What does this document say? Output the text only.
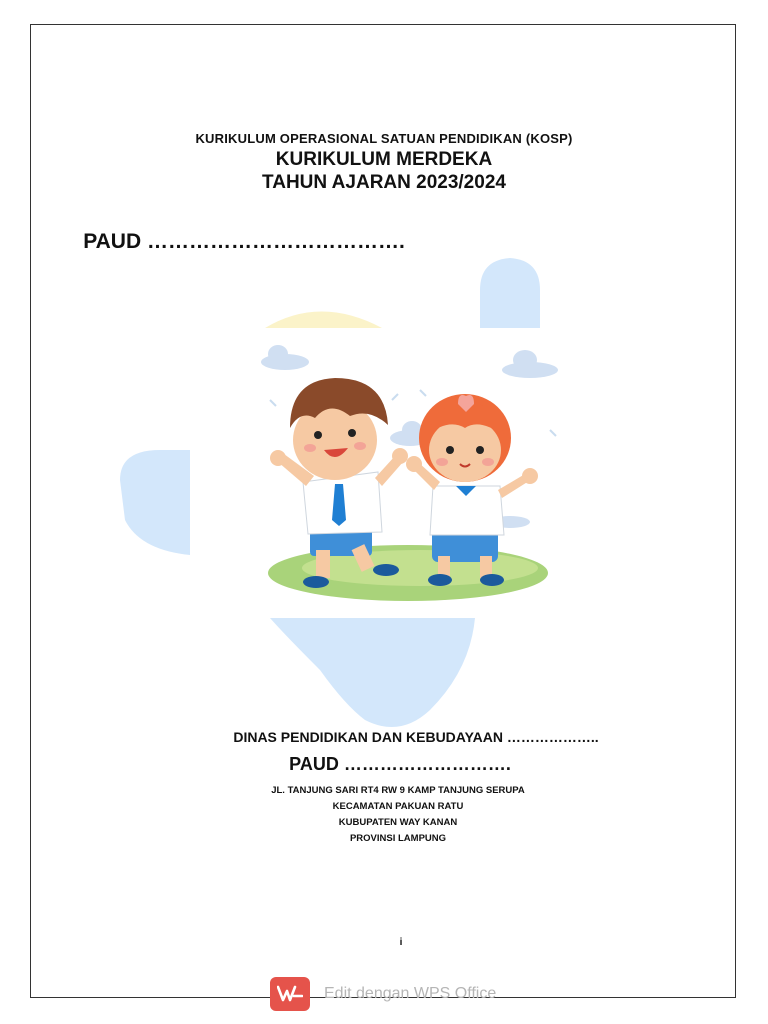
KURIKULUM OPERASIONAL SATUAN PENDIDIKAN (KOSP)
KURIKULUM MERDEKA
TAHUN AJARAN 2023/2024
PAUD ……………………………….
DINAS PENDIDIKAN DAN KEBUDAYAAN ………………..
PAUD ……………………….
JL. TANJUNG SARI RT4 RW 9 KAMP TANJUNG SERUPA
KECAMATAN PAKUAN RATU
KUBUPATEN WAY KANAN
PROVINSI LAMPUNG
i
Edit dengan WPS Office
